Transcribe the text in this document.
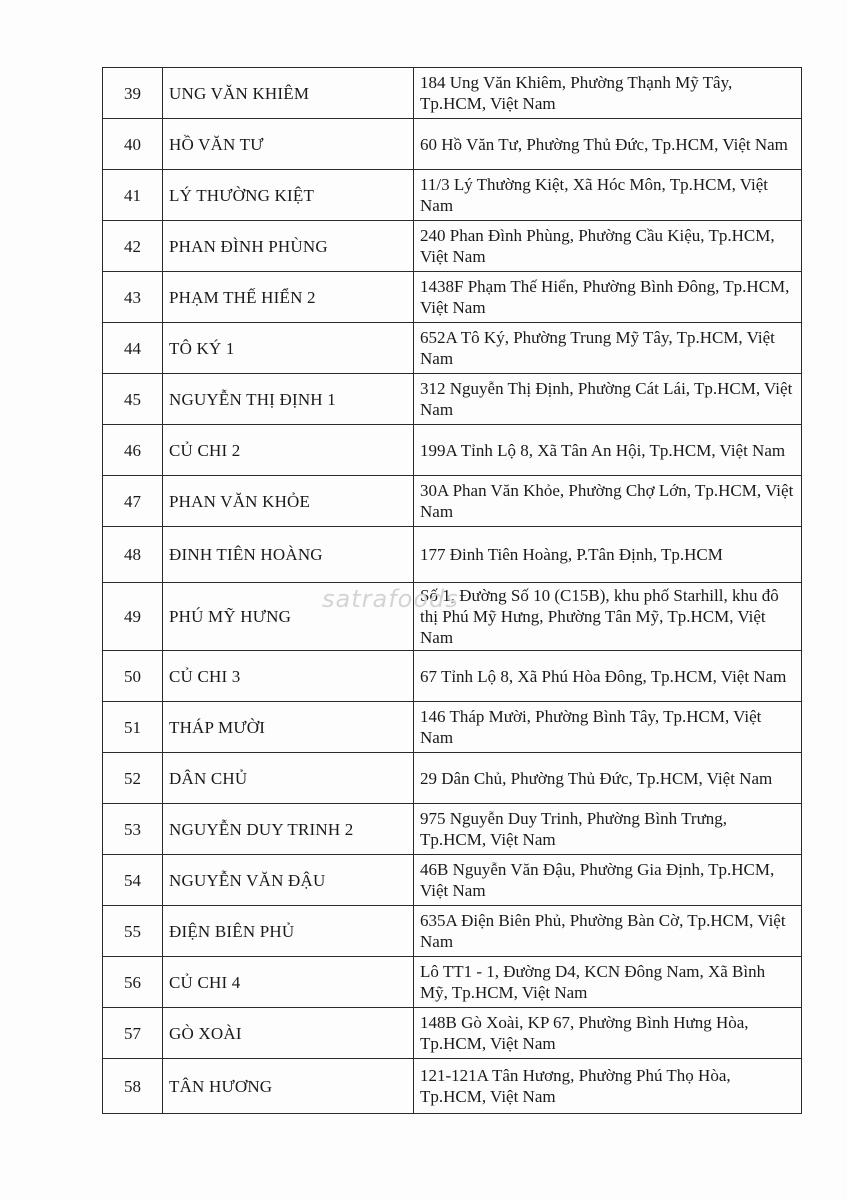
39	UNG VĂN KHIÊM	184 Ung Văn Khiêm, Phường Thạnh Mỹ Tây, Tp.HCM, Việt Nam
40	HỒ VĂN TƯ	60 Hồ Văn Tư, Phường Thủ Đức, Tp.HCM, Việt Nam
41	LÝ THƯỜNG KIỆT	11/3 Lý Thường Kiệt, Xã Hóc Môn, Tp.HCM, Việt Nam
42	PHAN ĐÌNH PHÙNG	240 Phan Đình Phùng, Phường Cầu Kiệu, Tp.HCM, Việt Nam
43	PHẠM THẾ HIỂN 2	1438F Phạm Thế Hiển, Phường Bình Đông, Tp.HCM, Việt Nam
44	TÔ KÝ 1	652A Tô Ký, Phường Trung Mỹ Tây, Tp.HCM, Việt Nam
45	NGUYỄN THỊ ĐỊNH 1	312 Nguyễn Thị Định, Phường Cát Lái, Tp.HCM, Việt Nam
46	CỦ CHI 2	199A Tỉnh Lộ 8, Xã Tân An Hội, Tp.HCM, Việt Nam
47	PHAN VĂN KHỎE	30A Phan Văn Khỏe, Phường Chợ Lớn, Tp.HCM, Việt Nam
48	ĐINH TIÊN HOÀNG	177 Đinh Tiên Hoàng, P.Tân Định, Tp.HCM
49	PHÚ MỸ HƯNG	Số 1, Đường Số 10 (C15B), khu phố Starhill, khu đô thị Phú Mỹ Hưng, Phường Tân Mỹ, Tp.HCM, Việt Nam
50	CỦ CHI 3	67 Tỉnh Lộ 8, Xã Phú Hòa Đông, Tp.HCM, Việt Nam
51	THÁP MƯỜI	146 Tháp Mười, Phường Bình Tây, Tp.HCM, Việt Nam
52	DÂN CHỦ	29 Dân Chủ, Phường Thủ Đức, Tp.HCM, Việt Nam
53	NGUYỄN DUY TRINH 2	975 Nguyễn Duy Trinh, Phường Bình Trưng, Tp.HCM, Việt Nam
54	NGUYỄN VĂN ĐẬU	46B Nguyễn Văn Đậu, Phường Gia Định, Tp.HCM, Việt Nam
55	ĐIỆN BIÊN PHỦ	635A Điện Biên Phủ, Phường Bàn Cờ, Tp.HCM, Việt Nam
56	CỦ CHI 4	Lô TT1 - 1, Đường D4, KCN Đông Nam, Xã Bình Mỹ, Tp.HCM, Việt Nam
57	GÒ XOÀI	148B Gò Xoài, KP 67, Phường Bình Hưng Hòa, Tp.HCM, Việt Nam
58	TÂN HƯƠNG	121-121A Tân Hương, Phường Phú Thọ Hòa, Tp.HCM, Việt Nam
satrafoods
